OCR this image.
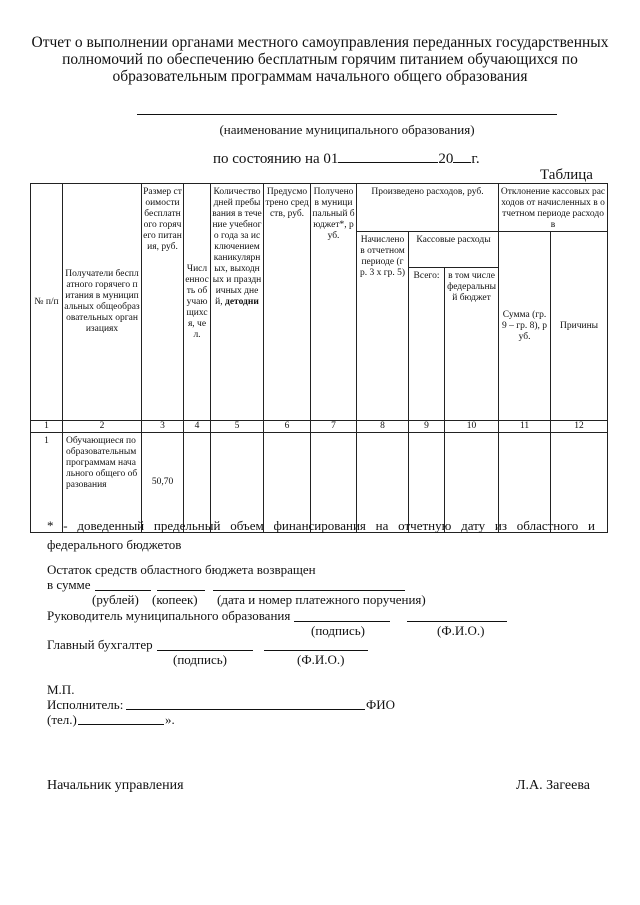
Отчет о выполнении органами местного самоуправления переданных государственных полномочий по обеспечению бесплатным горячим питанием обучающихся по образовательным программам начального общего образования
(наименование муниципального образования)
по состоянию на 01	20 г.
Таблица
№ п/п	Получатели бесплатного горячего питания в муниципальных общеобразовательных организациях	Размер стоимости бесплатного горячего питания, руб.	Численность обучающихся, чел.	Количество дней пребывания в течение учебного года за исключением каникулярных, выходных и праздничных дней, детодни	Предусмотрено средств, руб.	Получено в муниципальный бюджет*, руб.	Произведено расходов, руб.			Отклонение кассовых расходов от начисленных в отчетном периоде расходов	
							Начислено в отчетном периоде (гр. 3 х гр. 5)	Кассовые расходы		Сумма (гр. 9 – гр. 8), руб.	Причины
								Всего:	в том числе федеральный бюджет		
1	2	3	4	5	6	7	8	9	10	11	12
1	Обучающиеся по образовательным программам начального общего образования	50,70									
* - доведенный предельный объем финансирования на отчетную дату из областного и федерального бюджетов
Остаток средств областного бюджета возвращен
в сумме
(рублей) (копеек) (дата и номер платежного поручения)
Руководитель муниципального образования
(подпись)	(Ф.И.О.)
Главный бухгалтер
(подпись)	(Ф.И.О.)
М.П.
Исполнитель:	ФИО
(тел.)	».
Начальник управления	Л.А. Загеева
